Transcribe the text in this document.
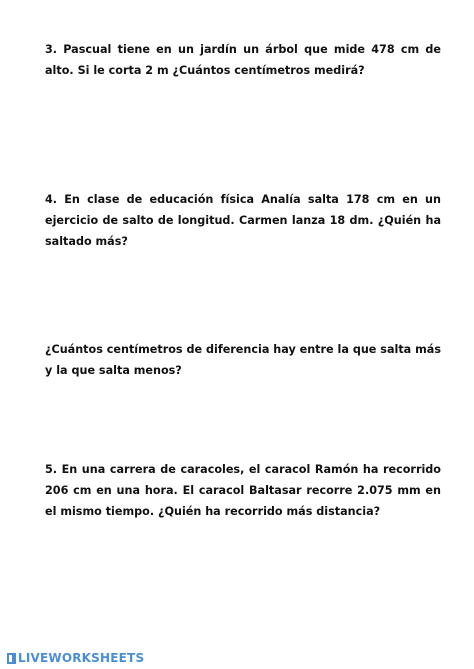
3. Pascual tiene en un jardín un árbol que mide 478 cm de alto. Si le corta 2 m ¿Cuántos centímetros medirá?

4. En clase de educación física Analía salta 178 cm en un ejercicio de salto de longitud. Carmen lanza 18 dm. ¿Quién ha saltado más?

¿Cuántos centímetros de diferencia hay entre la que salta más y la que salta menos?

5. En una carrera de caracoles, el caracol Ramón ha recorrido 206 cm en una hora. El caracol Baltasar recorre 2.075 mm en el mismo tiempo. ¿Quién ha recorrido más distancia?

LIVEWORKSHEETS
